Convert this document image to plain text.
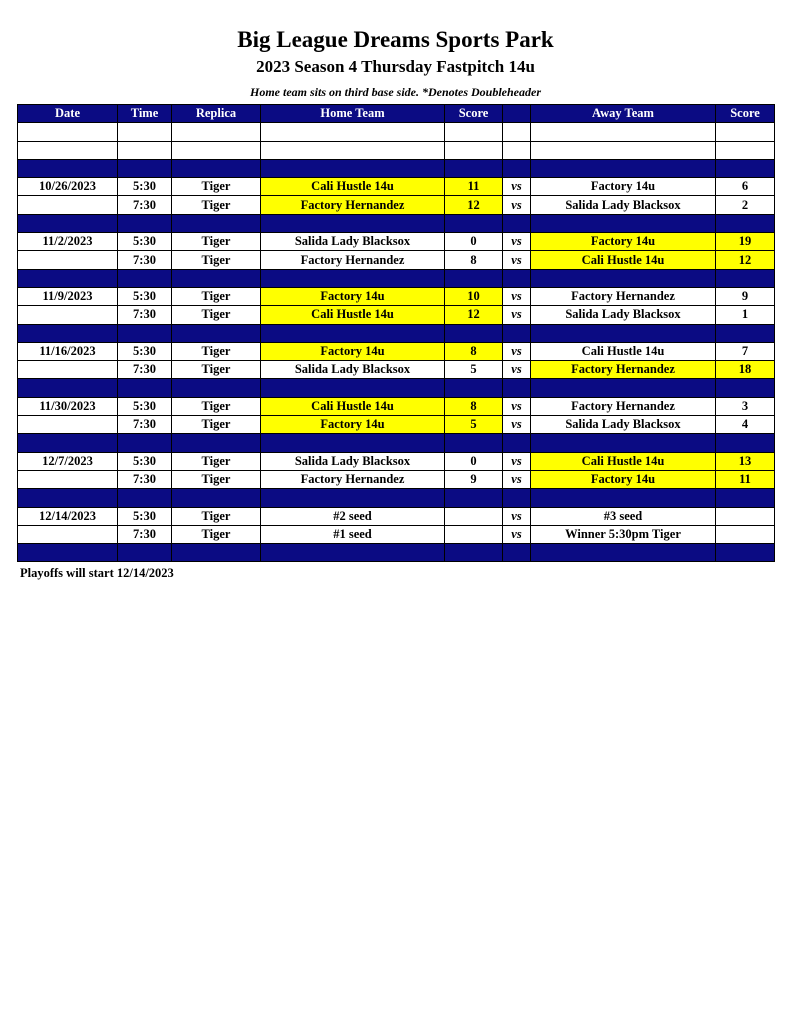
Big League Dreams Sports Park
2023 Season 4 Thursday Fastpitch 14u
Home team sits on third base side. *Denotes Doubleheader
Date	Time	Replica	Home Team	Score		Away Team	Score

10/26/2023	5:30	Tiger	Cali Hustle 14u	11	vs	Factory 14u	6
	7:30	Tiger	Factory Hernandez	12	vs	Salida Lady Blacksox	2

11/2/2023	5:30	Tiger	Salida Lady Blacksox	0	vs	Factory 14u	19
	7:30	Tiger	Factory Hernandez	8	vs	Cali Hustle 14u	12

11/9/2023	5:30	Tiger	Factory 14u	10	vs	Factory Hernandez	9
	7:30	Tiger	Cali Hustle 14u	12	vs	Salida Lady Blacksox	1

11/16/2023	5:30	Tiger	Factory 14u	8	vs	Cali Hustle 14u	7
	7:30	Tiger	Salida Lady Blacksox	5	vs	Factory Hernandez	18

11/30/2023	5:30	Tiger	Cali Hustle 14u	8	vs	Factory Hernandez	3
	7:30	Tiger	Factory 14u	5	vs	Salida Lady Blacksox	4

12/7/2023	5:30	Tiger	Salida Lady Blacksox	0	vs	Cali Hustle 14u	13
	7:30	Tiger	Factory Hernandez	9	vs	Factory 14u	11

12/14/2023	5:30	Tiger	#2 seed		vs	#3 seed	
	7:30	Tiger	#1 seed		vs	Winner 5:30pm Tiger	

Playoffs will start 12/14/2023
